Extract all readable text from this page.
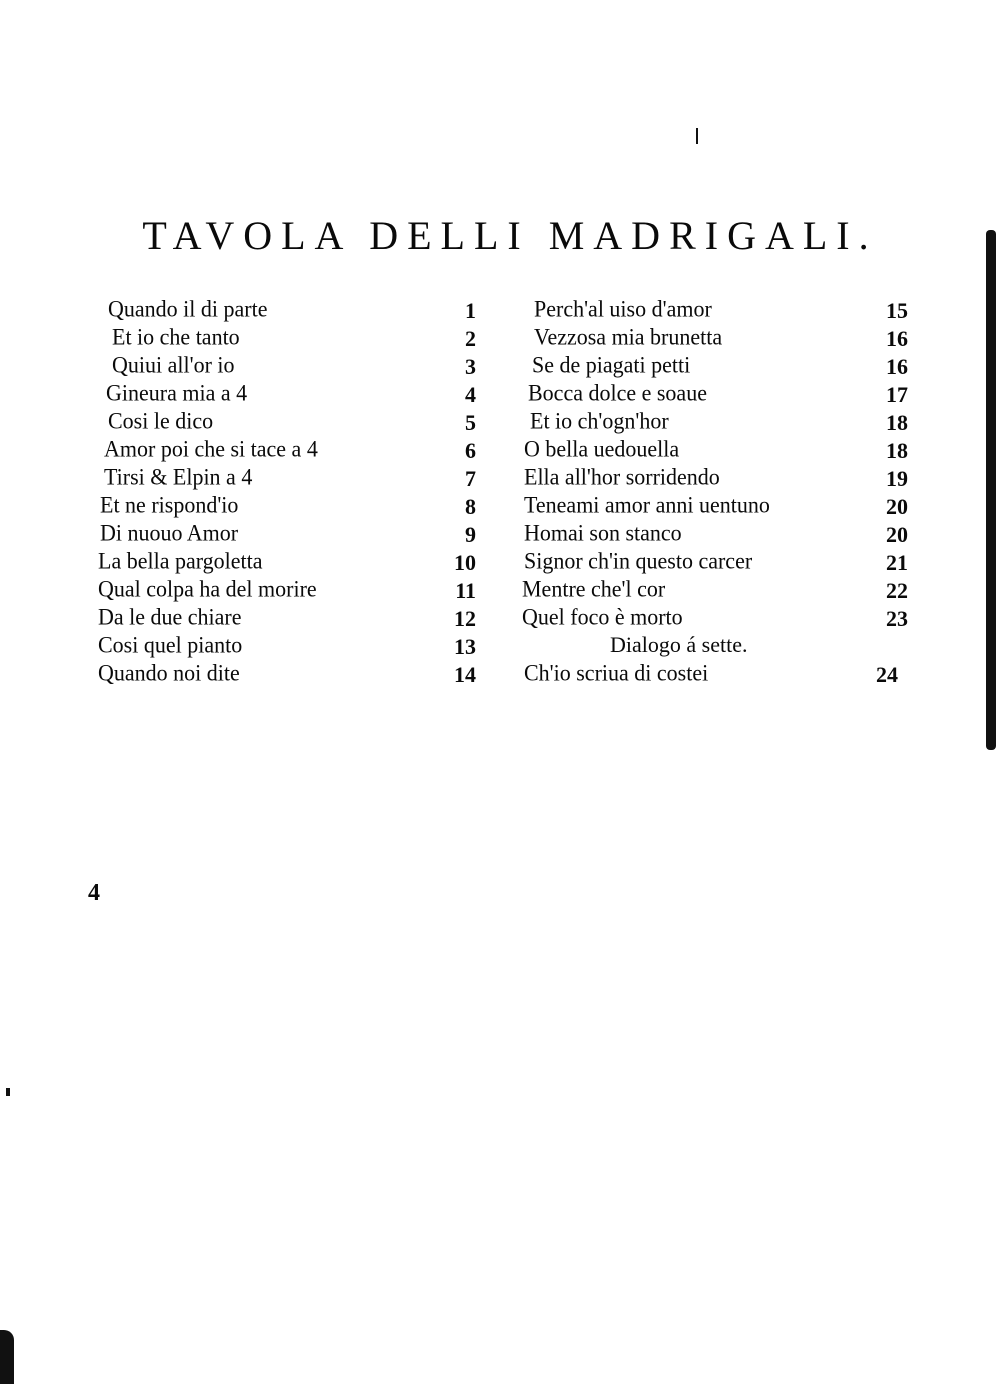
TAVOLA DELLI MADRIGALI.
Quando il di parte	1
Et io che tanto	2
Quiui all'or io	3
Gineura mia a 4	4
Cosi le dico	5
Amor poi che si tace a 4	6
Tirsi & Elpin a 4	7
Et ne rispond'io	8
Di nuouo Amor	9
La bella pargoletta	10
Qual colpa ha del morire	11
Da le due chiare	12
Cosi quel pianto	13
Quando noi dite	14
Perch'al uiso d'amor	15
Vezzosa mia brunetta	16
Se de piagati petti	16
Bocca dolce e soaue	17
Et io ch'ogn'hor	18
O bella uedouella	18
Ella all'hor sorridendo	19
Teneami amor anni uentuno	20
Homai son stanco	20
Signor ch'in questo carcer	21
Mentre che'l cor	22
Quel foco è morto	23
Dialogo á sette.
Ch'io scriua di costei	24
4
